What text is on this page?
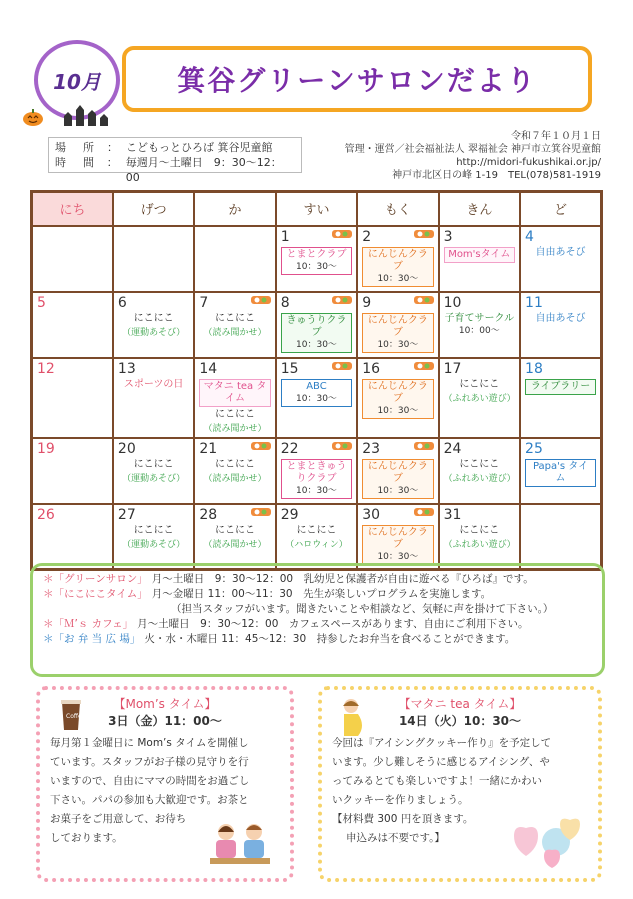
10月	箕谷グリーンサロンだより
場　所 ： こどもっとひろば 箕谷児童館
時　間 ： 毎週月～土曜日　9：30～12：00
令和７年１０月１日
管理・運営／社会福祉法人 翠福祉会 神戸市立箕谷児童館
http://midori-fukushikai.or.jp/
神戸市北区日の峰 1-19　TEL(078)581-1919
にち	げつ	か	すい	もく	きん	ど

			1
とまとクラブ
10：30～	2
にんじんクラブ
10：30～	3
Mom'sタイム	4
自由あそび

5	6
にこにこ
（運動あそび）	7
にこにこ
（読み聞かせ）	8
きゅうりクラブ
10：30～	9
にんじんクラブ
10：30～	10
子育てサークル
10：00～	11
自由あそび

12	13
スポーツの日	14
マタニ tea タイム
にこにこ
（読み聞かせ）	15
ABC
10：30～	16
にんじんクラブ
10：30～	17
にこにこ
（ふれあい遊び）	18
ライブラリー

19	20
にこにこ
（運動あそび）	21
にこにこ
（読み聞かせ）	22
とまときゅうりクラブ
10：30～	23
にんじんクラブ
10：30～	24
にこにこ
（ふれあい遊び）	25
Papa's タイム

26	27
にこにこ
（運動あそび）	28
にこにこ
（読み聞かせ）	29
にこにこ
（ハロウィン）	30
にんじんクラブ
10：30～	31
にこにこ
（ふれあい遊び）	

＊「グリーンサロン」 月～土曜日　9：30～12：00　乳幼児と保護者が自由に遊べる『ひろば』です。
＊「にこにこタイム」 月～金曜日 11：00～11：30　先生が楽しいプログラムを実施します。
（担当スタッフがいます。聞きたいことや相談など、気軽に声を掛けて下さい。）
＊「Ｍ’ｓ カフェ」 月～土曜日　9：30～12：00　カフェスペースがあります、自由にご利用下さい。
＊「お 弁 当 広 場」 火・水・木曜日 11：45～12：30　持参したお弁当を食べることができます。
Coffee
【Mom’s タイム】
3日（金）11：00～
毎月第１金曜日に Mom’s タイムを開催し
ています。スタッフがお子様の見守りを行
いますので、自由にママの時間をお過ごし
下さい。パパの参加も大歓迎です。お茶と
お菓子をご用意して、お待ち
しております。
【マタニ tea タイム】
14日（火）10：30～
今回は『アイシングクッキー作り』を予定して
います。少し難しそうに感じるアイシング、や
ってみるとても楽しいですよ！一緒にかわい
いクッキーを作りましょう。
【材料費 300 円を頂きます。
申込みは不要です。】
